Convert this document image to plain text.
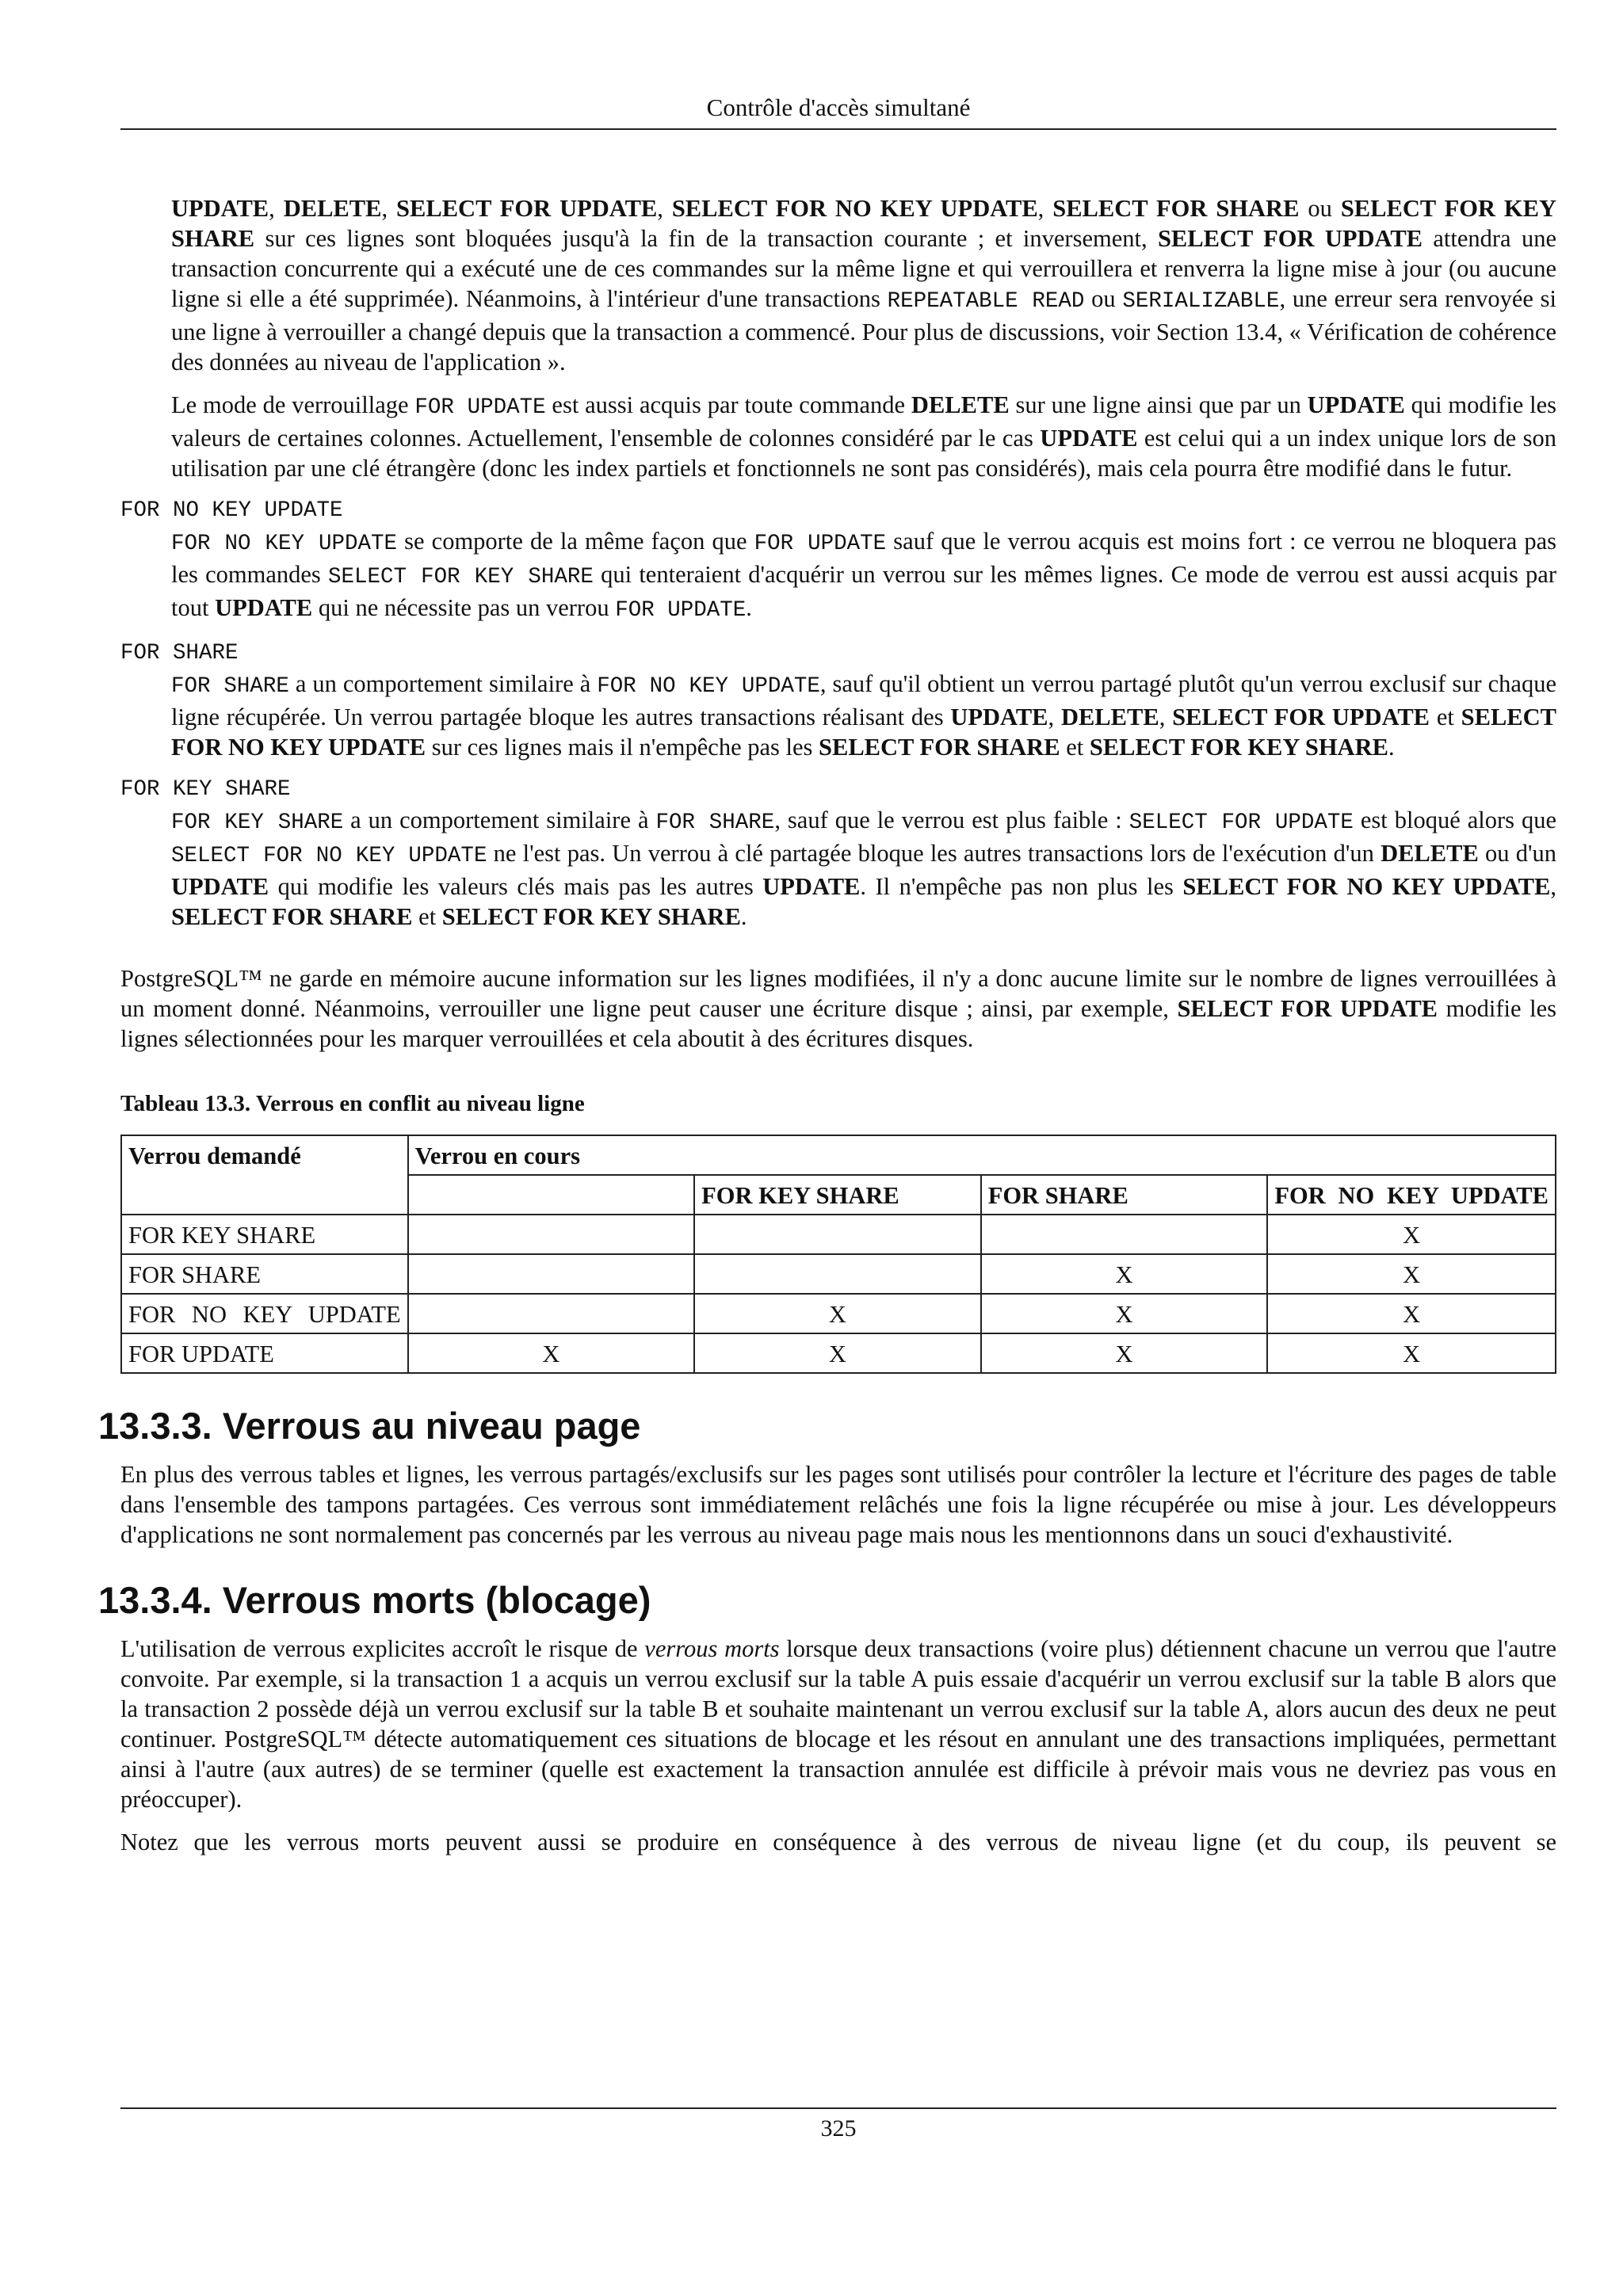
Contrôle d'accès simultané

UPDATE, DELETE, SELECT FOR UPDATE, SELECT FOR NO KEY UPDATE, SELECT FOR SHARE ou SELECT FOR KEY SHARE sur ces lignes sont bloquées jusqu'à la fin de la transaction courante ; et inversement, SELECT FOR UPDATE attendra une transaction concurrente qui a exécuté une de ces commandes sur la même ligne et qui verrouillera et renverra la ligne mise à jour (ou aucune ligne si elle a été supprimée). Néanmoins, à l'intérieur d'une transactions REPEATABLE READ ou SERIALIZABLE, une erreur sera renvoyée si une ligne à verrouiller a changé depuis que la transaction a commencé. Pour plus de discussions, voir Section 13.4, « Vérification de cohérence des données au niveau de l'application ».

Le mode de verrouillage FOR UPDATE est aussi acquis par toute commande DELETE sur une ligne ainsi que par un UPDATE qui modifie les valeurs de certaines colonnes. Actuellement, l'ensemble de colonnes considéré par le cas UPDATE est celui qui a un index unique lors de son utilisation par une clé étrangère (donc les index partiels et fonctionnels ne sont pas considérés), mais cela pourra être modifié dans le futur.

FOR NO KEY UPDATE

FOR NO KEY UPDATE se comporte de la même façon que FOR UPDATE sauf que le verrou acquis est moins fort : ce verrou ne bloquera pas les commandes SELECT FOR KEY SHARE qui tenteraient d'acquérir un verrou sur les mêmes lignes. Ce mode de verrou est aussi acquis par tout UPDATE qui ne nécessite pas un verrou FOR UPDATE.

FOR SHARE

FOR SHARE a un comportement similaire à FOR NO KEY UPDATE, sauf qu'il obtient un verrou partagé plutôt qu'un verrou exclusif sur chaque ligne récupérée. Un verrou partagée bloque les autres transactions réalisant des UPDATE, DELETE, SELECT FOR UPDATE et SELECT FOR NO KEY UPDATE sur ces lignes mais il n'empêche pas les SELECT FOR SHARE et SELECT FOR KEY SHARE.

FOR KEY SHARE

FOR KEY SHARE a un comportement similaire à FOR SHARE, sauf que le verrou est plus faible : SELECT FOR UPDATE est bloqué alors que SELECT FOR NO KEY UPDATE ne l'est pas. Un verrou à clé partagée bloque les autres transactions lors de l'exécution d'un DELETE ou d'un UPDATE qui modifie les valeurs clés mais pas les autres UPDATE. Il n'empêche pas non plus les SELECT FOR NO KEY UPDATE, SELECT FOR SHARE et SELECT FOR KEY SHARE.

PostgreSQL™ ne garde en mémoire aucune information sur les lignes modifiées, il n'y a donc aucune limite sur le nombre de lignes verrouillées à un moment donné. Néanmoins, verrouiller une ligne peut causer une écriture disque ; ainsi, par exemple, SELECT FOR UPDATE modifie les lignes sélectionnées pour les marquer verrouillées et cela aboutit à des écritures disques.

Tableau 13.3. Verrous en conflit au niveau ligne
Verrou demandé	Verrou en cours			
		FOR KEY SHARE	FOR SHARE	FOR NO KEY UPDATE
FOR KEY SHARE				X
FOR SHARE			X	X
FOR NO KEY UPDATE		X	X	X
FOR UPDATE	X	X	X	X
13.3.3. Verrous au niveau page

En plus des verrous tables et lignes, les verrous partagés/exclusifs sur les pages sont utilisés pour contrôler la lecture et l'écriture des pages de table dans l'ensemble des tampons partagées. Ces verrous sont immédiatement relâchés une fois la ligne récupérée ou mise à jour. Les développeurs d'applications ne sont normalement pas concernés par les verrous au niveau page mais nous les mentionnons dans un souci d'exhaustivité.

13.3.4. Verrous morts (blocage)

L'utilisation de verrous explicites accroît le risque de verrous morts lorsque deux transactions (voire plus) détiennent chacune un verrou que l'autre convoite. Par exemple, si la transaction 1 a acquis un verrou exclusif sur la table A puis essaie d'acquérir un verrou exclusif sur la table B alors que la transaction 2 possède déjà un verrou exclusif sur la table B et souhaite maintenant un verrou exclusif sur la table A, alors aucun des deux ne peut continuer. PostgreSQL™ détecte automatiquement ces situations de blocage et les résout en annulant une des transactions impliquées, permettant ainsi à l'autre (aux autres) de se terminer (quelle est exactement la transaction annulée est difficile à prévoir mais vous ne devriez pas vous en préoccuper).

Notez que les verrous morts peuvent aussi se produire en conséquence à des verrous de niveau ligne (et du coup, ils peuvent se

325
